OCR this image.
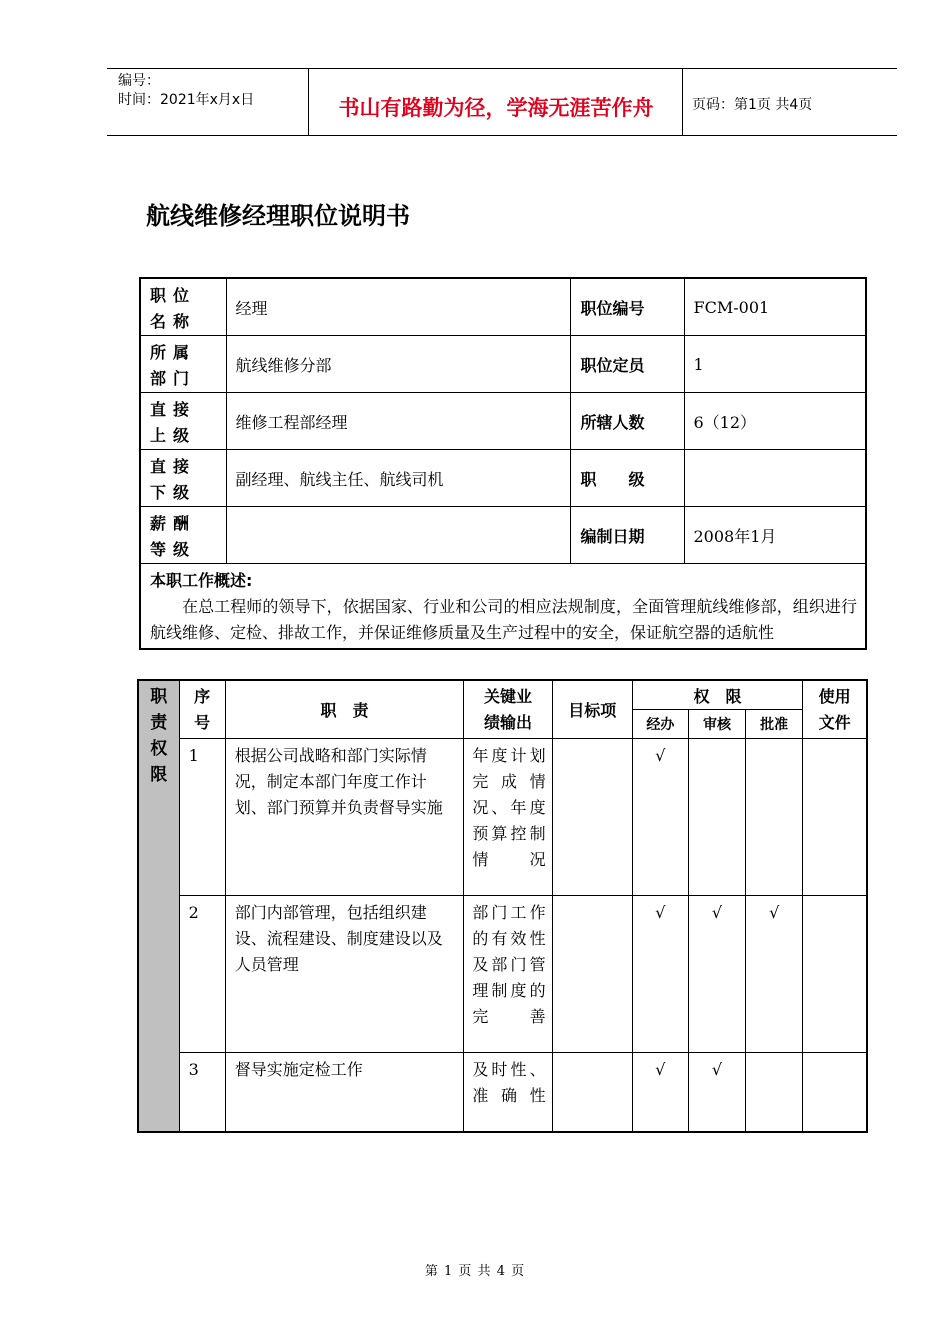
编号：
时间：2021年x月x日	书山有路勤为径，学海无涯苦作舟	页码：第1页 共4页
航线维修经理职位说明书
职位名称	经理	职位编号	FCM-001
所属部门	航线维修分部	职位定员	1
直接上级	维修工程部经理	所辖人数	6（12）
直接下级	副经理、航线主任、航线司机	职　　级	
薪酬等级		编制日期	2008年1月

本职工作概述:
在总工程师的领导下，依据国家、行业和公司的相应法规制度，全面管理航线维修部，组织进行航线维修、定检、排故工作，并保证维修质量及生产过程中的安全，保证航空器的适航性			
职责权限	序号	职　责	关键业绩输出	目标项	权　限			使用文件

					经办	审核	批准	
	1	根据公司战略和部门实际情况，制定本部门年度工作计划、部门预算并负责督导实施	年度计划完成情况、年度预算控制情况		√			
	2	部门内部管理，包括组织建设、流程建设、制度建设以及人员管理	部门工作的有效性及部门管理制度的完善		√	√	√	
	3	督导实施定检工作	及时性、准确性		√	√		
第 1 页 共 4 页
